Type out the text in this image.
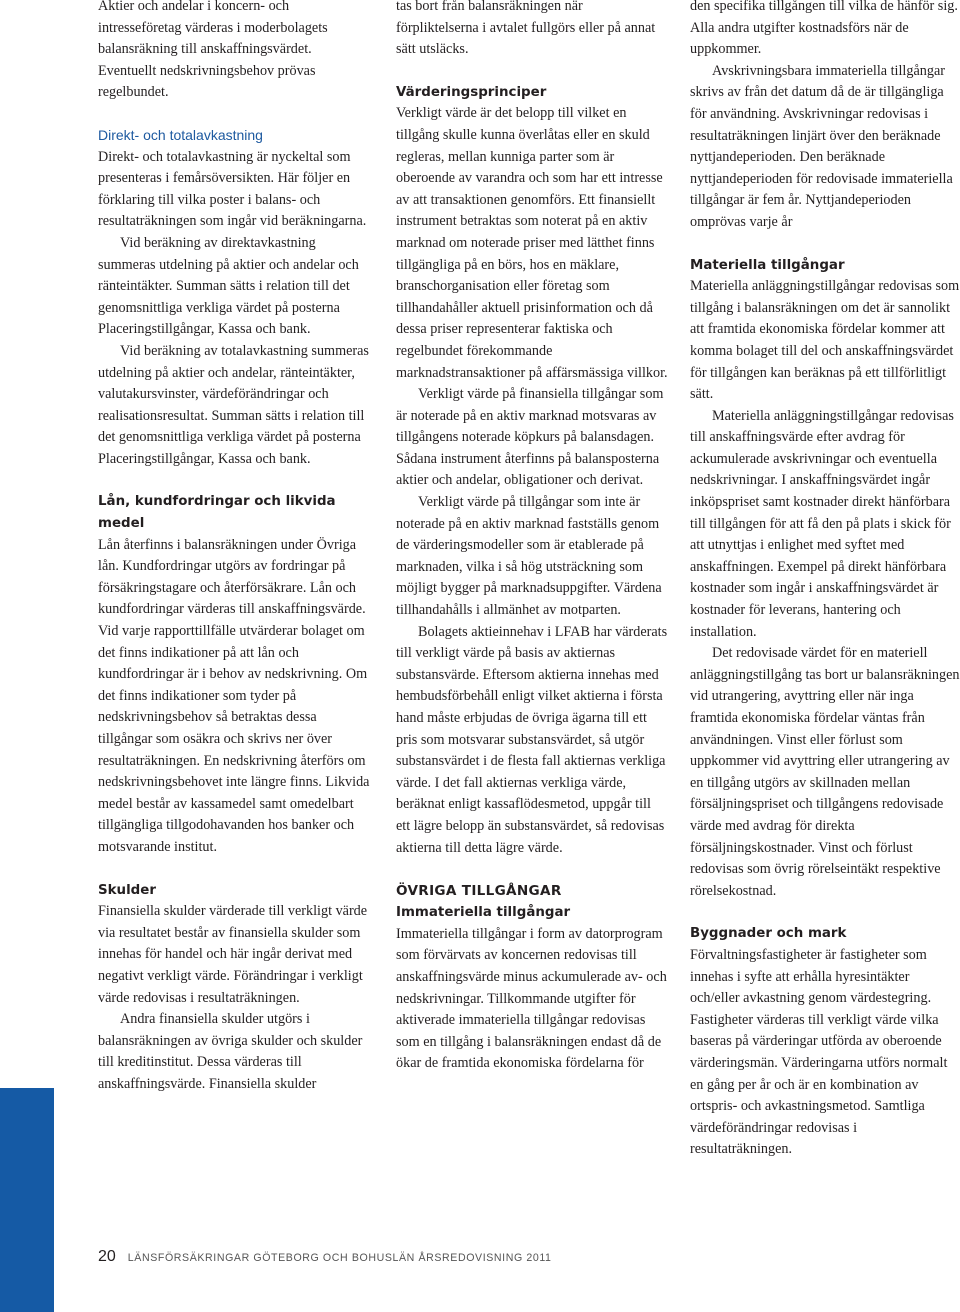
Aktier och andelar i koncern- och intresseföretag värderas i moderbolagets balansräkning till anskaffningsvärdet. Eventuellt nedskrivningsbehov prövas regelbundet.

Direkt- och totalavkastning

Direkt- och totalavkastning är nyckeltal som presenteras i femårsöversikten. Här följer en förklaring till vilka poster i balans- och resultaträkningen som ingår vid beräkningarna.

Vid beräkning av direktavkastning summeras utdelning på aktier och andelar och ränteintäkter. Summan sätts i relation till det genomsnittliga verkliga värdet på posterna Placeringstillgångar, Kassa och bank.

Vid beräkning av totalavkastning summeras utdelning på aktier och andelar, ränteintäkter, valutakursvinster, värdeförändringar och realisationsresultat. Summan sätts i relation till det genomsnittliga verkliga värdet på posterna Placeringstillgångar, Kassa och bank.

Lån, kundfordringar och likvida medel

Lån återfinns i balansräkningen under Övriga lån. Kundfordringar utgörs av fordringar på försäkringstagare och återförsäkrare. Lån och kundfordringar värderas till anskaffningsvärde. Vid varje rapporttillfälle utvärderar bolaget om det finns indikationer på att lån och kundfordringar är i behov av nedskrivning. Om det finns indikationer som tyder på nedskrivningsbehov så betraktas dessa tillgångar som osäkra och skrivs ner över resultaträkningen. En nedskrivning återförs om nedskrivningsbehovet inte längre finns. Likvida medel består av kassamedel samt omedelbart tillgängliga tillgodohavanden hos banker och motsvarande institut.

Skulder

Finansiella skulder värderade till verkligt värde via resultatet består av finansiella skulder som innehas för handel och här ingår derivat med negativt verkligt värde. Förändringar i verkligt värde redovisas i resultaträkningen.

Andra finansiella skulder utgörs i balansräkningen av övriga skulder och skulder till kreditinstitut. Dessa värderas till anskaffningsvärde. Finansiella skulder

tas bort från balansräkningen när förpliktelserna i avtalet fullgörs eller på annat sätt utsläcks.

Värderingsprinciper

Verkligt värde är det belopp till vilket en tillgång skulle kunna överlåtas eller en skuld regleras, mellan kunniga parter som är oberoende av varandra och som har ett intresse av att transaktionen genomförs. Ett finansiellt instrument betraktas som noterat på en aktiv marknad om noterade priser med lätthet finns tillgängliga på en börs, hos en mäklare, branschorganisation eller företag som tillhandahåller aktuell prisinformation och då dessa priser representerar faktiska och regelbundet förekommande marknadstransaktioner på affärsmässiga villkor.

Verkligt värde på finansiella tillgångar som är noterade på en aktiv marknad motsvaras av tillgångens noterade köpkurs på balansdagen. Sådana instrument återfinns på balansposterna aktier och andelar, obligationer och derivat.

Verkligt värde på tillgångar som inte är noterade på en aktiv marknad fastställs genom de värderingsmodeller som är etablerade på marknaden, vilka i så hög utsträckning som möjligt bygger på marknadsuppgifter. Värdena tillhandahålls i allmänhet av motparten.

Bolagets aktieinnehav i LFAB har värderats till verkligt värde på basis av aktiernas substansvärde. Eftersom aktierna innehas med hembudsförbehåll enligt vilket aktierna i första hand måste erbjudas de övriga ägarna till ett pris som motsvarar substansvärdet, så utgör substansvärdet i de flesta fall aktiernas verkliga värde. I det fall aktiernas verkliga värde, beräknat enligt kassaflödesmetod, uppgår till ett lägre belopp än substansvärdet, så redovisas aktierna till detta lägre värde.

ÖVRIGA TILLGÅNGAR
Immateriella tillgångar

Immateriella tillgångar i form av datorprogram som förvärvats av koncernen redovisas till anskaffningsvärde minus ackumulerade av- och nedskrivningar. Tillkommande utgifter för aktiverade immateriella tillgångar redovisas som en tillgång i balansräkningen endast då de ökar de framtida ekonomiska fördelarna för

den specifika tillgången till vilka de hänför sig. Alla andra utgifter kostnadsförs när de uppkommer.

Avskrivningsbara immateriella tillgångar skrivs av från det datum då de är tillgängliga för användning. Avskrivningar redovisas i resultaträkningen linjärt över den beräknade nyttjandeperioden. Den beräknade nyttjandeperioden för redovisade immateriella tillgångar är fem år. Nyttjandeperioden omprövas varje år

Materiella tillgångar

Materiella anläggningstillgångar redovisas som tillgång i balansräkningen om det är sannolikt att framtida ekonomiska fördelar kommer att komma bolaget till del och anskaffningsvärdet för tillgången kan beräknas på ett tillförlitligt sätt.

Materiella anläggningstillgångar redovisas till anskaffningsvärde efter avdrag för ackumulerade avskrivningar och eventuella nedskrivningar. I anskaffningsvärdet ingår inköpspriset samt kostnader direkt hänförbara till tillgången för att få den på plats i skick för att utnyttjas i enlighet med syftet med anskaffningen. Exempel på direkt hänförbara kostnader som ingår i anskaffningsvärdet är kostnader för leverans, hantering och installation.

Det redovisade värdet för en materiell anläggningstillgång tas bort ur balansräkningen vid utrangering, avyttring eller när inga framtida ekonomiska fördelar väntas från användningen. Vinst eller förlust som uppkommer vid avyttring eller utrangering av en tillgång utgörs av skillnaden mellan försäljningspriset och tillgångens redovisade värde med avdrag för direkta försäljningskostnader. Vinst och förlust redovisas som övrig rörelseintäkt respektive rörelsekostnad.

Byggnader och mark

Förvaltningsfastigheter är fastigheter som innehas i syfte att erhålla hyresintäkter och/eller avkastning genom värdestegring. Fastigheter värderas till verkligt värde vilka baseras på värderingar utförda av oberoende värderingsmän. Värderingarna utförs normalt en gång per år och är en kombination av ortspris- och avkastningsmetod. Samtliga värdeförändringar redovisas i resultaträkningen.

20 LÄNSFÖRSÄKRINGAR GÖTEBORG OCH BOHUSLÄN ÅRSREDOVISNING 2011
